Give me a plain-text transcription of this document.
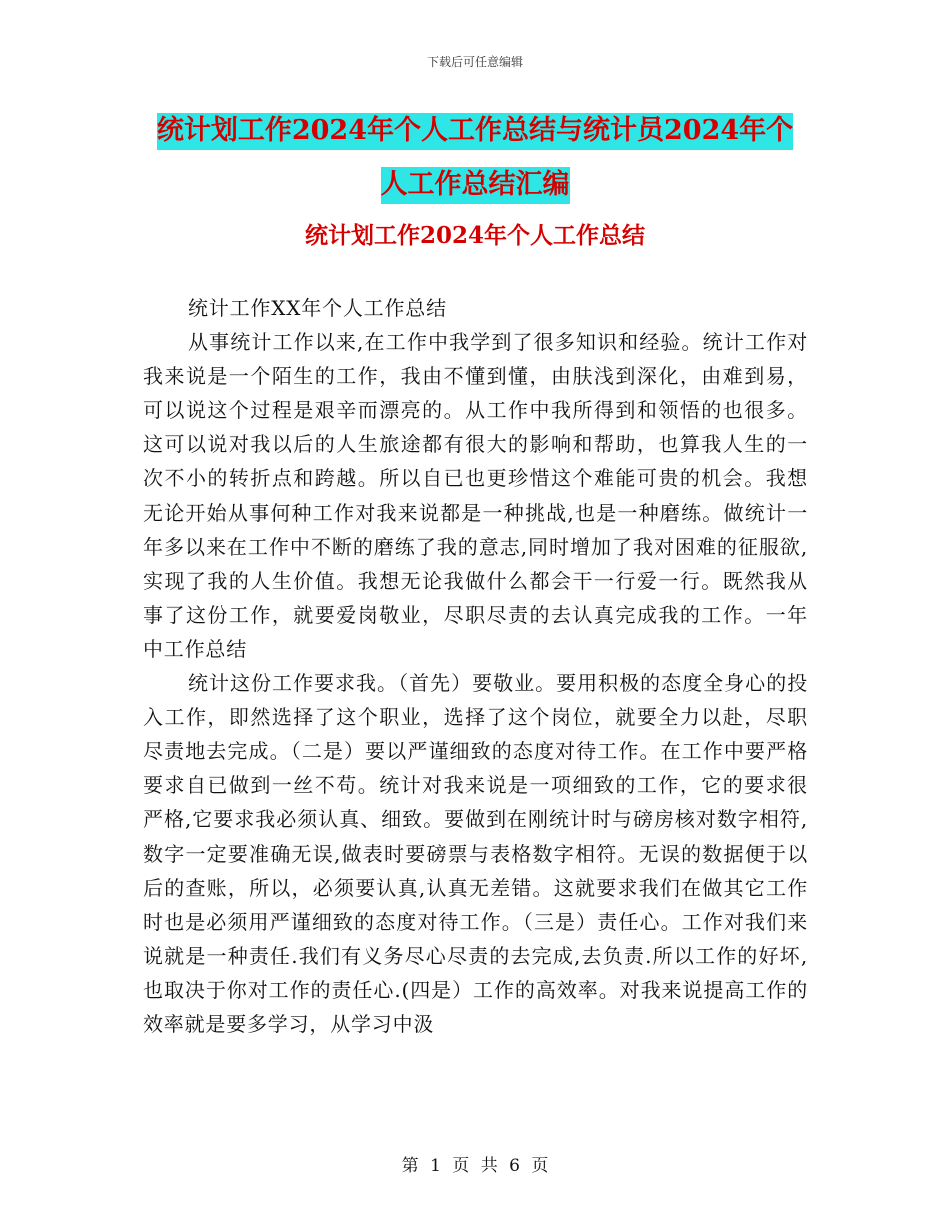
下载后可任意编辑
统计划工作2024年个人工作总结与统计员2024年个
人工作总结汇编
统计划工作2024年个人工作总结

统计工作XX年个人工作总结

从事统计工作以来,在工作中我学到了很多知识和经验。统计工作对我来说是一个陌生的工作，我由不懂到懂，由肤浅到深化，由难到易，可以说这个过程是艰辛而漂亮的。从工作中我所得到和领悟的也很多。这可以说对我以后的人生旅途都有很大的影响和帮助，也算我人生的一次不小的转折点和跨越。所以自已也更珍惜这个难能可贵的机会。我想无论开始从事何种工作对我来说都是一种挑战,也是一种磨练。做统计一年多以来在工作中不断的磨练了我的意志,同时增加了我对困难的征服欲,实现了我的人生价值。我想无论我做什么都会干一行爱一行。既然我从事了这份工作，就要爱岗敬业，尽职尽责的去认真完成我的工作。一年中工作总结

统计这份工作要求我。（首先）要敬业。要用积极的态度全身心的投入工作，即然选择了这个职业，选择了这个岗位，就要全力以赴，尽职尽责地去完成。（二是）要以严谨细致的态度对待工作。在工作中要严格要求自已做到一丝不苟。统计对我来说是一项细致的工作，它的要求很严格,它要求我必须认真、细致。要做到在刚统计时与磅房核对数字相符,数字一定要准确无误,做表时要磅票与表格数字相符。无误的数据便于以后的查账，所以，必须要认真,认真无差错。这就要求我们在做其它工作时也是必须用严谨细致的态度对待工作。（三是）责任心。工作对我们来说就是一种责任.我们有义务尽心尽责的去完成,去负责.所以工作的好坏,也取决于你对工作的责任心.(四是）工作的高效率。对我来说提高工作的效率就是要多学习，从学习中汲

第 1 页 共 6 页
